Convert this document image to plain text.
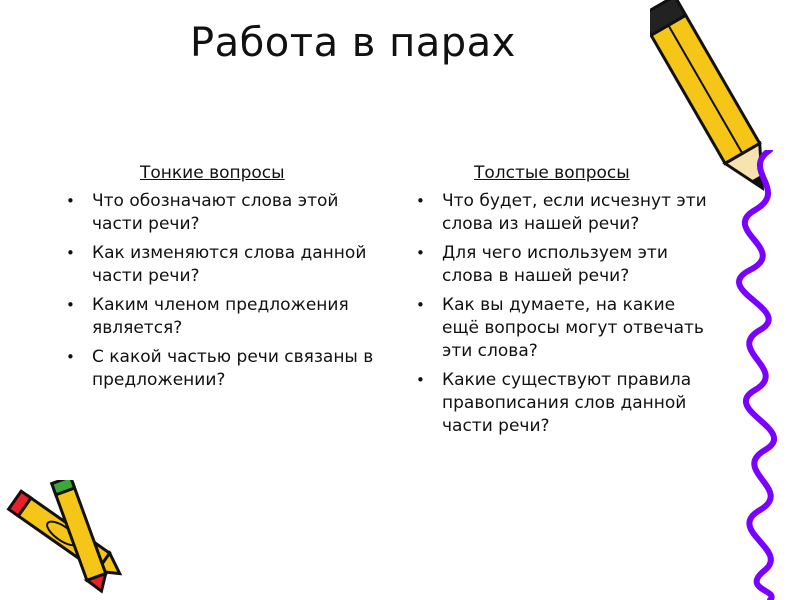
Работа в парах
Тонкие вопросы
• Что обозначают слова этой части речи?
• Как изменяются слова данной части речи?
• Каким членом предложения является?
• С какой частью речи связаны в предложении?
Толстые вопросы
• Что будет, если исчезнут эти слова из нашей речи?
• Для чего используем эти слова в нашей речи?
• Как вы думаете, на какие ещё вопросы могут отвечать эти слова?
• Какие существуют правила правописания слов данной части речи?
